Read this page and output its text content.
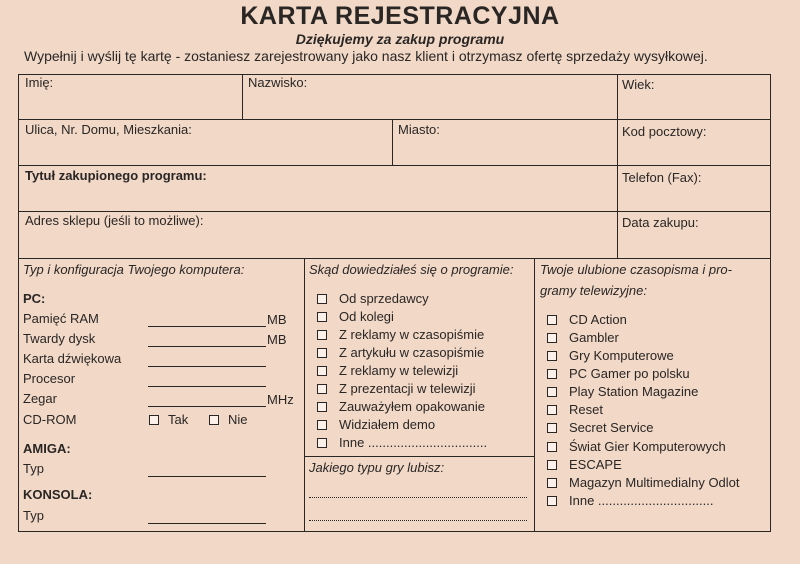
KARTA REJESTRACYJNA
Dziękujemy za zakup programu
Wypełnij i wyślij tę kartę - zostaniesz zarejestrowany jako nasz klient i otrzymasz ofertę sprzedaży wysyłkowej.
Imię:	Nazwisko:	Wiek:
Ulica, Nr. Domu, Mieszkania:	Miasto:	Kod pocztowy:
Tytuł zakupionego programu:	Telefon (Fax):
Adres sklepu (jeśli to możliwe):	Data zakupu:
Typ i konfiguracja Twojego komputera:
PC:
Pamięć RAM	MB
Twardy dysk	MB
Karta dźwiękowa
Procesor
Zegar	MHz
CD-ROM	Tak	Nie
AMIGA:
Typ
KONSOLA:
Typ
Skąd dowiedziałeś się o programie:
Od sprzedawcy
Od kolegi
Z reklamy w czasopiśmie
Z artykułu w czasopiśmie
Z reklamy w telewizji
Z prezentacji w telewizji
Zauważyłem opakowanie
Widziałem demo
Inne .................................
Jakiego typu gry lubisz:
Twoje ulubione czasopisma i pro-
gramy telewizyjne:
CD Action
Gambler
Gry Komputerowe
PC Gamer po polsku
Play Station Magazine
Reset
Secret Service
Świat Gier Komputerowych
ESCAPE
Magazyn Multimedialny Odlot
Inne ................................
